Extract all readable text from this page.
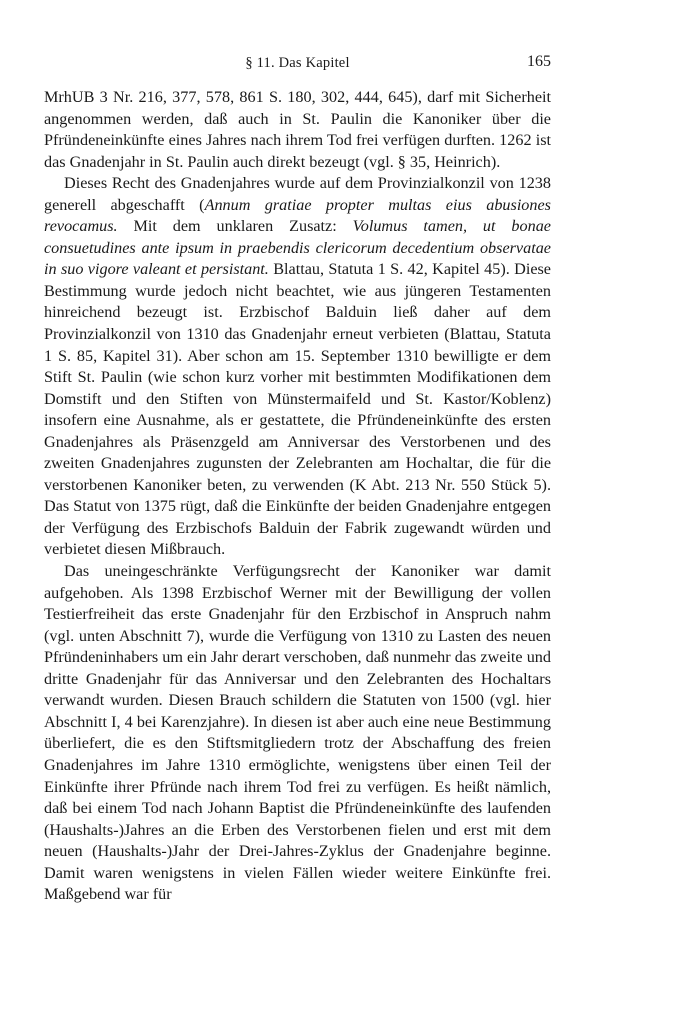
§ 11. Das Kapitel	165

MrhUB 3 Nr. 216, 377, 578, 861 S. 180, 302, 444, 645), darf mit Sicherheit angenommen werden, daß auch in St. Paulin die Kanoniker über die Pfründeneinkünfte eines Jahres nach ihrem Tod frei verfügen durften. 1262 ist das Gnadenjahr in St. Paulin auch direkt bezeugt (vgl. § 35, Heinrich).

Dieses Recht des Gnadenjahres wurde auf dem Provinzialkonzil von 1238 generell abgeschafft (Annum gratiae propter multas eius abusiones revocamus. Mit dem unklaren Zusatz: Volumus tamen, ut bonae consuetudines ante ipsum in praebendis clericorum decedentium observatae in suo vigore valeant et persistant. Blattau, Statuta 1 S. 42, Kapitel 45). Diese Bestimmung wurde jedoch nicht beachtet, wie aus jüngeren Testamenten hinreichend bezeugt ist. Erzbischof Balduin ließ daher auf dem Provinzialkonzil von 1310 das Gnadenjahr erneut verbieten (Blattau, Statuta 1 S. 85, Kapitel 31). Aber schon am 15. September 1310 bewilligte er dem Stift St. Paulin (wie schon kurz vorher mit bestimmten Modifikationen dem Domstift und den Stiften von Münstermaifeld und St. Kastor/Koblenz) insofern eine Ausnahme, als er gestattete, die Pfründeneinkünfte des ersten Gnadenjahres als Präsenzgeld am Anniversar des Verstorbenen und des zweiten Gnadenjahres zugunsten der Zelebranten am Hochaltar, die für die verstorbenen Kanoniker beten, zu verwenden (K Abt. 213 Nr. 550 Stück 5). Das Statut von 1375 rügt, daß die Einkünfte der beiden Gnadenjahre entgegen der Verfügung des Erzbischofs Balduin der Fabrik zugewandt würden und verbietet diesen Mißbrauch.

Das uneingeschränkte Verfügungsrecht der Kanoniker war damit aufgehoben. Als 1398 Erzbischof Werner mit der Bewilligung der vollen Testierfreiheit das erste Gnadenjahr für den Erzbischof in Anspruch nahm (vgl. unten Abschnitt 7), wurde die Verfügung von 1310 zu Lasten des neuen Pfründeninhabers um ein Jahr derart verschoben, daß nunmehr das zweite und dritte Gnadenjahr für das Anniversar und den Zelebranten des Hochaltars verwandt wurden. Diesen Brauch schildern die Statuten von 1500 (vgl. hier Abschnitt I, 4 bei Karenzjahre). In diesen ist aber auch eine neue Bestimmung überliefert, die es den Stiftsmitgliedern trotz der Abschaffung des freien Gnadenjahres im Jahre 1310 ermöglichte, wenigstens über einen Teil der Einkünfte ihrer Pfründe nach ihrem Tod frei zu verfügen. Es heißt nämlich, daß bei einem Tod nach Johann Baptist die Pfründeneinkünfte des laufenden (Haushalts-)Jahres an die Erben des Verstorbenen fielen und erst mit dem neuen (Haushalts-)Jahr der Drei-Jahres-Zyklus der Gnadenjahre beginne. Damit waren wenigstens in vielen Fällen wieder weitere Einkünfte frei. Maßgebend war für
